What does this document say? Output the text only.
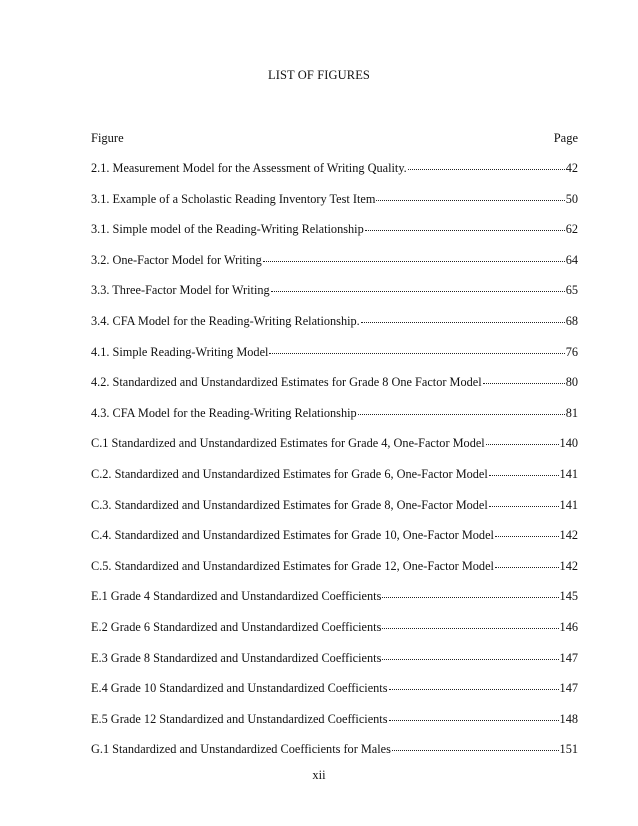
LIST OF FIGURES
Figure	Page
2.1. Measurement Model for the Assessment of Writing Quality.	42
3.1. Example of a Scholastic Reading Inventory Test Item	50
3.1. Simple model of the Reading-Writing Relationship	62
3.2. One-Factor Model for Writing	64
3.3. Three-Factor Model for Writing	65
3.4. CFA Model for the Reading-Writing Relationship.	68
4.1. Simple Reading-Writing Model	76
4.2. Standardized and Unstandardized Estimates for Grade 8 One Factor Model	80
4.3. CFA Model for the Reading-Writing Relationship	81
C.1 Standardized and Unstandardized Estimates for Grade 4, One-Factor Model	140
C.2. Standardized and Unstandardized Estimates for Grade 6, One-Factor Model	141
C.3. Standardized and Unstandardized Estimates for Grade 8, One-Factor Model	141
C.4. Standardized and Unstandardized Estimates for Grade 10, One-Factor Model	142
C.5. Standardized and Unstandardized Estimates for Grade 12, One-Factor Model	142
E.1 Grade 4 Standardized and Unstandardized Coefficients	145
E.2 Grade 6 Standardized and Unstandardized Coefficients	146
E.3 Grade 8 Standardized and Unstandardized Coefficients	147
E.4 Grade 10 Standardized and Unstandardized Coefficients	147
E.5 Grade 12 Standardized and Unstandardized Coefficients	148
G.1 Standardized and Unstandardized Coefficients for Males	151
xii
